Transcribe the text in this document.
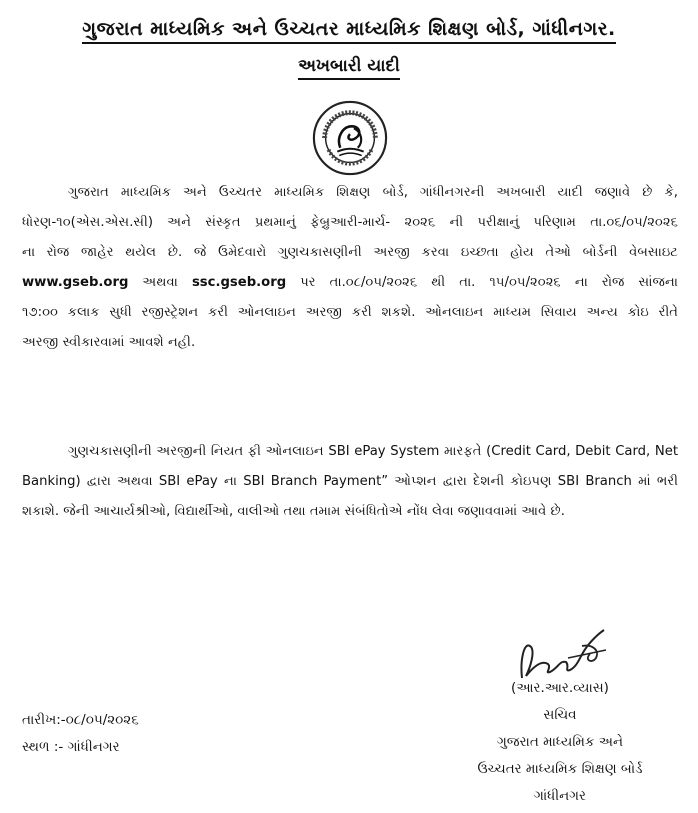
ગુજરાત માધ્યમિક અને ઉચ્ચતર માધ્યમિક શિક્ષણ બોર્ડ, ગાંધીનગર.
અખબારી યાદી
ગુજરાત માધ્યમિક અને ઉચ્ચતર માધ્યમિક શિક્ષણ બોર્ડ, ગાંધીનગરની અખબારી યાદી જણાવે છે કે,
ધોરણ-૧૦(એસ.એસ.સી) અને સંસ્કૃત પ્રથમાનું ફેબ્રુઆરી-માર્ચ- ૨૦૨૬ ની પરીક્ષાનું પરિણામ તા.૦૬/૦૫/૨૦૨૬
ના રોજ જાહેર થયેલ છે. જે ઉમેદવારો ગુણચકાસણીની અરજી કરવા ઇચ્છતા હોય તેઓ બોર્ડની વેબસાઇટ
www.gseb.org અથવા ssc.gseb.org પર તા.૦૮/૦૫/૨૦૨૬ થી તા. ૧૫/૦૫/૨૦૨૬ ના રોજ સાંજના
૧૭:૦૦ કલાક સુધી રજીસ્ટ્રેશન કરી ઓનલાઇન અરજી કરી શકશે. ઓનલાઇન માધ્યમ સિવાય અન્ય કોઇ રીતે
અરજી સ્વીકારવામાં આવશે નહી.
ગુણચકાસણીની અરજીની નિયત ફી ઓનલાઇન SBI ePay System મારફતે (Credit Card, Debit Card, Net
Banking) દ્વારા અથવા SBI ePay ના SBI Branch Payment” ઓપ્શન દ્વારા દેશની કોઇપણ SBI Branch માં ભરી
શકાશે. જેની આચાર્યશ્રીઓ, વિદ્યાર્થીઓ, વાલીઓ તથા તમામ સંબંધિતોએ નોંધ લેવા જણાવવામાં આવે છે.
(આર.આર.વ્યાસ)
સચિવ
ગુજરાત માધ્યમિક અને
ઉચ્ચતર માધ્યમિક શિક્ષણ બોર્ડ
ગાંધીનગર
તારીખ:-૦૮/૦૫/૨૦૨૬
સ્થળ :- ગાંધીનગર
